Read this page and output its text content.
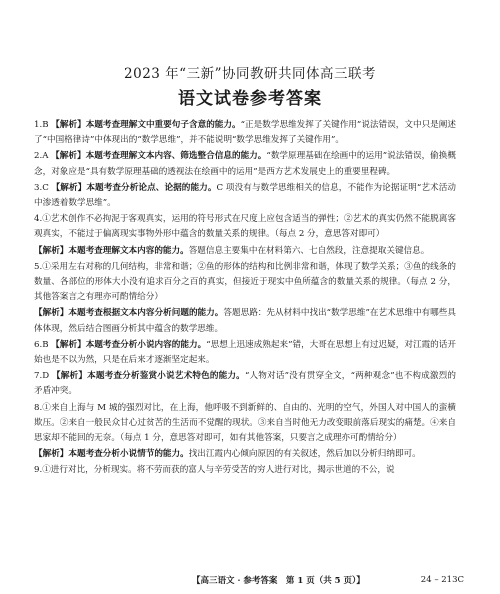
2023 年“三新”协同教研共同体高三联考
语文试卷参考答案

1.B 【解析】本题考查理解文中重要句子含意的能力。“正是数学思维发挥了关键作用”说法错误，文中只是阐述了“中国格律诗”中体现出的“数学思维”，并不能说明“数学思维发挥了关键作用”。

2.A 【解析】本题考查理解文本内容、筛选整合信息的能力。“数学原理基础在绘画中的运用”说法错误，偷换概念，对象应是“具有数学原理基础的透视法在绘画中的运用”是西方艺术发展史上的重要里程碑。

3.C 【解析】本题考查分析论点、论据的能力。C 项没有与数学思维相关的信息，不能作为论据证明“艺术活动中渗透着数学思维”。

4.①艺术创作不必拘泥于客观真实，运用的符号形式在尺度上应包含适当的弹性；②艺术的真实仍然不能脱离客观真实，不能过于偏离现实事物外形中蕴含的数量关系的规律。（每点 2 分，意思答对即可）

【解析】本题考查理解文本内容的能力。答题信息主要集中在材料第六、七自然段，注意提取关键信息。

5.①采用左右对称的几何结构，非常和谐；②鱼的形体的结构和比例非常和谐，体现了数学关系；③鱼的线条的数量、各部位的形体大小没有追求百分之百的真实，但接近于现实中鱼所蕴含的数量关系的规律。（每点 2 分，其他答案言之有理亦可酌情给分）

【解析】本题考查根据文本内容分析问题的能力。答题思路：先从材料中找出“数学思维”在艺术思维中有哪些具体体现，然后结合图画分析其中蕴含的数学思维。

6.B 【解析】本题考查分析小说内容的能力。“思想上迅速成熟起来”错，大哥在思想上有过迟疑，对江霞的话开始也是不以为然，只是在后来才逐渐坚定起来。

7.D 【解析】本题考查分析鉴赏小说艺术特色的能力。“人物对话”没有贯穿全文，“两种观念”也不构成激烈的矛盾冲突。

8.①来自上海与 M 城的强烈对比，在上海，他呼吸不到新鲜的、自由的、光明的空气，外国人对中国人的蛮横欺压。②来自一般民众甘心过贫苦的生活而不觉醒的现状。③来自当时他无力改变眼前落后现实的痛楚。④来自思家却不能回的无奈。（每点 1 分，意思答对即可，如有其他答案，只要言之成理亦可酌情给分）

【解析】本题考查分析小说情节的能力。找出江霞内心倾向原因的有关叙述，然后加以分析归纳即可。

9.①进行对比，分析现实。将不劳而获的富人与辛劳受苦的穷人进行对比，揭示世道的不公，说

【高三语文 · 参考答案　第 1 页（共 5 页）】	24 – 213C
